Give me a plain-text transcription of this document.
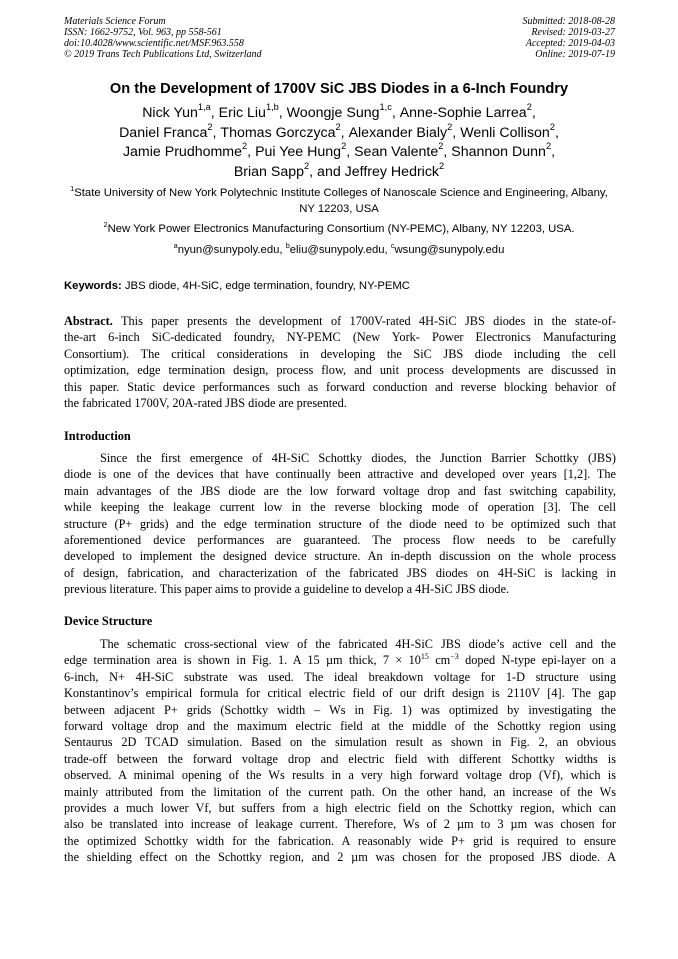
Materials Science Forum
ISSN: 1662-9752, Vol. 963, pp 558-561
doi:10.4028/www.scientific.net/MSF.963.558
© 2019 Trans Tech Publications Ltd, Switzerland
Submitted: 2018-08-28
Revised: 2019-03-27
Accepted: 2019-04-03
Online: 2019-07-19
On the Development of 1700V SiC JBS Diodes in a 6-Inch Foundry
Nick Yun$^{1,a}$, Eric Liu$^{1,b}$, Woongje Sung$^{1,c}$, Anne-Sophie Larrea$^2$,
Daniel Franca$^2$, Thomas Gorczyca$^2$, Alexander Bialy$^2$, Wenli Collison$^2$,
Jamie Prudhomme$^2$, Pui Yee Hung$^2$, Sean Valente$^2$, Shannon Dunn$^2$,
Brian Sapp$^2$, and Jeffrey Hedrick$^2$
$^1$State University of New York Polytechnic Institute Colleges of Nanoscale Science and Engineering, Albany, NY 12203, USA
$^2$New York Power Electronics Manufacturing Consortium (NY-PEMC), Albany, NY 12203, USA.
$^a$nyun@sunypoly.edu, $^b$eliu@sunypoly.edu, $^c$wsung@sunypoly.edu
Keywords: JBS diode, 4H-SiC, edge termination, foundry, NY-PEMC
Abstract. This paper presents the development of 1700V-rated 4H-SiC JBS diodes in the state-of-
the-art 6-inch SiC-dedicated foundry, NY-PEMC (New York- Power Electronics Manufacturing
Consortium). The critical considerations in developing the SiC JBS diode including the cell
optimization, edge termination design, process flow, and unit process developments are discussed in
this paper. Static device performances such as forward conduction and reverse blocking behavior of
the fabricated 1700V, 20A-rated JBS diode are presented.
Introduction
Since the first emergence of 4H-SiC Schottky diodes, the Junction Barrier Schottky (JBS)
diode is one of the devices that have continually been attractive and developed over years [1,2]. The
main advantages of the JBS diode are the low forward voltage drop and fast switching capability,
while keeping the leakage current low in the reverse blocking mode of operation [3]. The cell
structure (P+ grids) and the edge termination structure of the diode need to be optimized such that
aforementioned device performances are guaranteed. The process flow needs to be carefully
developed to implement the designed device structure. An in-depth discussion on the whole process
of design, fabrication, and characterization of the fabricated JBS diodes on 4H-SiC is lacking in
previous literature. This paper aims to provide a guideline to develop a 4H-SiC JBS diode.
Device Structure
The schematic cross-sectional view of the fabricated 4H-SiC JBS diode’s active cell and the
edge termination area is shown in Fig. 1. A 15 µm thick, $7 \times 10^{15}$ $cm^{-3}$ doped N-type epi-layer on a
6-inch, N+ 4H-SiC substrate was used. The ideal breakdown voltage for 1-D structure using
Konstantinov’s empirical formula for critical electric field of our drift design is 2110V [4]. The gap
between adjacent P+ grids (Schottky width – Ws in Fig. 1) was optimized by investigating the
forward voltage drop and the maximum electric field at the middle of the Schottky region using
Sentaurus 2D TCAD simulation. Based on the simulation result as shown in Fig. 2, an obvious
trade-off between the forward voltage drop and electric field with different Schottky widths is
observed. A minimal opening of the Ws results in a very high forward voltage drop (Vf), which is
mainly attributed from the limitation of the current path. On the other hand, an increase of the Ws
provides a much lower Vf, but suffers from a high electric field on the Schottky region, which can
also be translated into increase of leakage current. Therefore, Ws of 2 µm to 3 µm was chosen for
the optimized Schottky width for the fabrication. A reasonably wide P+ grid is required to ensure
the shielding effect on the Schottky region, and 2 µm was chosen for the proposed JBS diode. A
